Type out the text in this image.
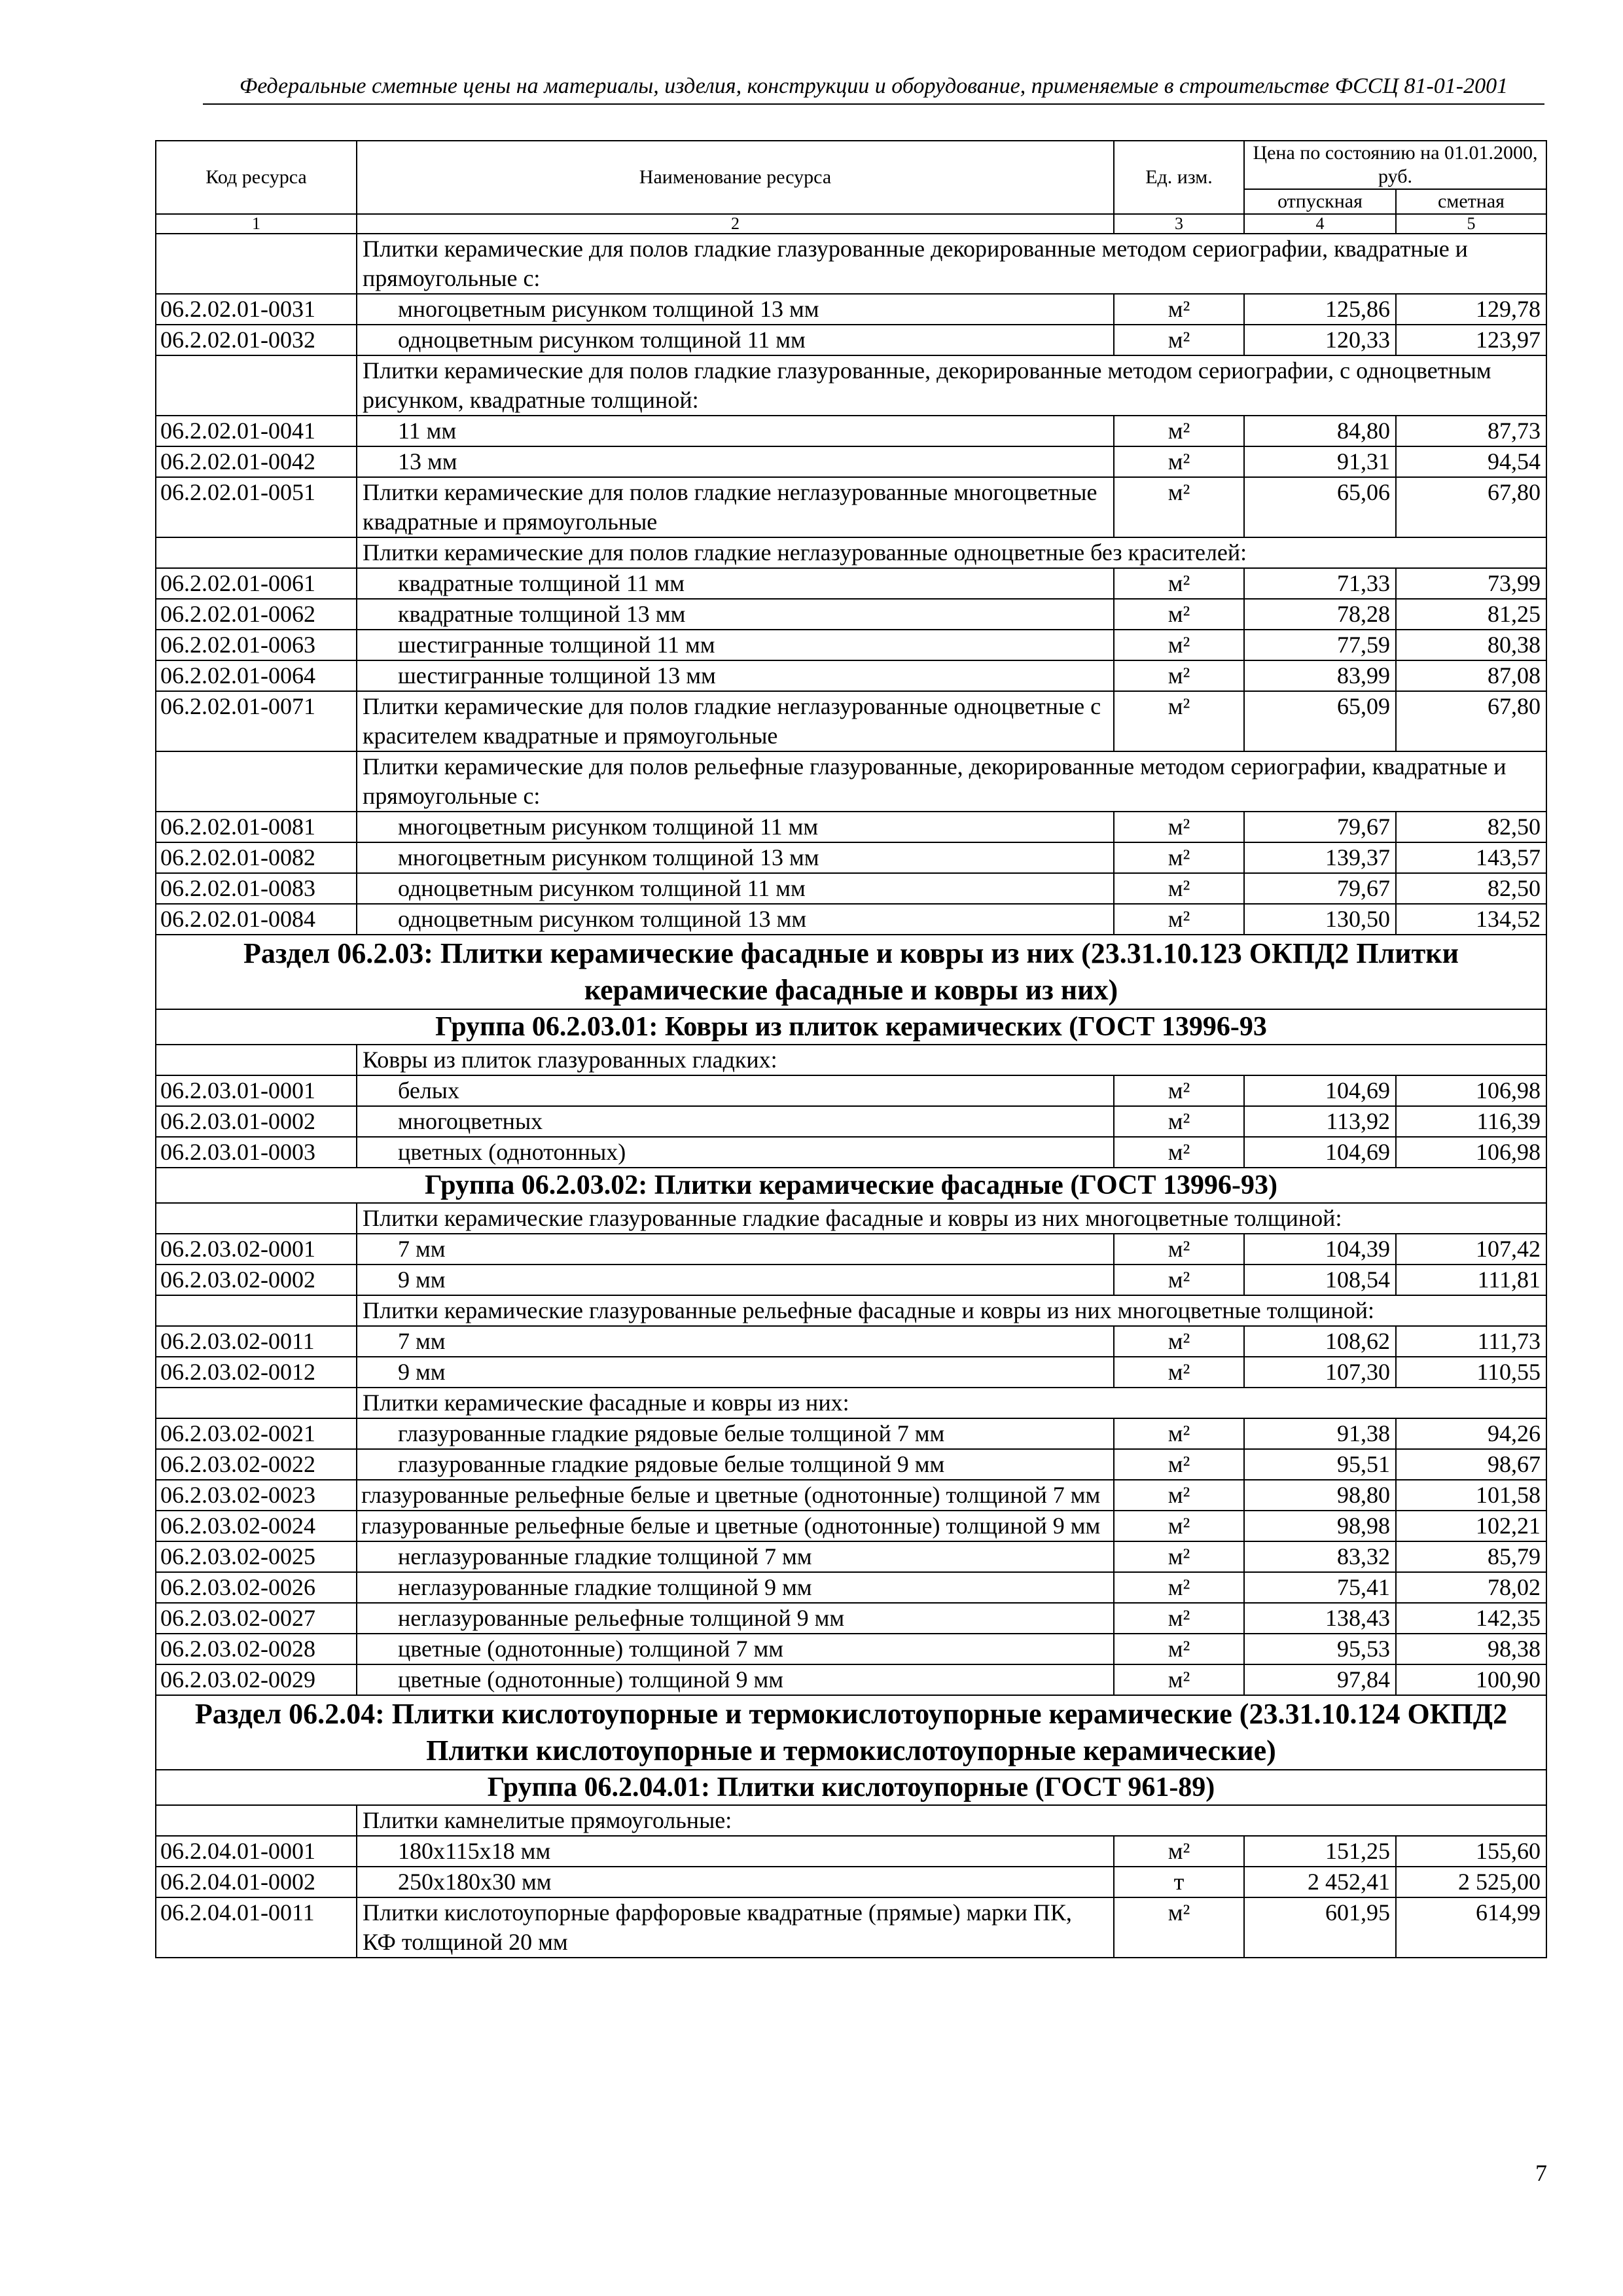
Федеральные сметные цены на материалы, изделия, конструкции и оборудование, применяемые в строительстве ФССЦ 81-01-2001
Код ресурса	Наименование ресурса	Ед. изм.	Цена по состоянию на 01.01.2000, руб.	
			отпускная	сметная
1	2	3	4	5
	Плитки керамические для полов гладкие глазурованные декорированные методом сериографии, квадратные и прямоугольные с:			
06.2.02.01-0031	многоцветным рисунком толщиной 13 мм	м²	125,86	129,78
06.2.02.01-0032	одноцветным рисунком толщиной 11 мм	м²	120,33	123,97
	Плитки керамические для полов гладкие глазурованные, декорированные методом сериографии, с одноцветным рисунком, квадратные толщиной:			
06.2.02.01-0041	11 мм	м²	84,80	87,73
06.2.02.01-0042	13 мм	м²	91,31	94,54
06.2.02.01-0051	Плитки керамические для полов гладкие неглазурованные многоцветные квадратные и прямоугольные	м²	65,06	67,80
	Плитки керамические для полов гладкие неглазурованные одноцветные без красителей:			
06.2.02.01-0061	квадратные толщиной 11 мм	м²	71,33	73,99
06.2.02.01-0062	квадратные толщиной 13 мм	м²	78,28	81,25
06.2.02.01-0063	шестигранные толщиной 11 мм	м²	77,59	80,38
06.2.02.01-0064	шестигранные толщиной 13 мм	м²	83,99	87,08
06.2.02.01-0071	Плитки керамические для полов гладкие неглазурованные одноцветные с красителем квадратные и прямоугольные	м²	65,09	67,80
	Плитки керамические для полов рельефные глазурованные, декорированные методом сериографии, квадратные и прямоугольные с:			
06.2.02.01-0081	многоцветным рисунком толщиной 11 мм	м²	79,67	82,50
06.2.02.01-0082	многоцветным рисунком толщиной 13 мм	м²	139,37	143,57
06.2.02.01-0083	одноцветным рисунком толщиной 11 мм	м²	79,67	82,50
06.2.02.01-0084	одноцветным рисунком толщиной 13 мм	м²	130,50	134,52
Раздел 06.2.03: Плитки керамические фасадные и ковры из них (23.31.10.123 ОКПД2 Плитки керамические фасадные и ковры из них)				
Группа 06.2.03.01: Ковры из плиток керамических (ГОСТ 13996-93				
	Ковры из плиток глазурованных гладких:			
06.2.03.01-0001	белых	м²	104,69	106,98
06.2.03.01-0002	многоцветных	м²	113,92	116,39
06.2.03.01-0003	цветных (однотонных)	м²	104,69	106,98
Группа 06.2.03.02: Плитки керамические фасадные (ГОСТ 13996-93)				
	Плитки керамические глазурованные гладкие фасадные и ковры из них многоцветные толщиной:			
06.2.03.02-0001	7 мм	м²	104,39	107,42
06.2.03.02-0002	9 мм	м²	108,54	111,81
	Плитки керамические глазурованные рельефные фасадные и ковры из них многоцветные толщиной:			
06.2.03.02-0011	7 мм	м²	108,62	111,73
06.2.03.02-0012	9 мм	м²	107,30	110,55
	Плитки керамические фасадные и ковры из них:			
06.2.03.02-0021	глазурованные гладкие рядовые белые толщиной 7 мм	м²	91,38	94,26
06.2.03.02-0022	глазурованные гладкие рядовые белые толщиной 9 мм	м²	95,51	98,67
06.2.03.02-0023	глазурованные рельефные белые и цветные (однотонные) толщиной 7 мм	м²	98,80	101,58
06.2.03.02-0024	глазурованные рельефные белые и цветные (однотонные) толщиной 9 мм	м²	98,98	102,21
06.2.03.02-0025	неглазурованные гладкие толщиной 7 мм	м²	83,32	85,79
06.2.03.02-0026	неглазурованные гладкие толщиной 9 мм	м²	75,41	78,02
06.2.03.02-0027	неглазурованные рельефные толщиной 9 мм	м²	138,43	142,35
06.2.03.02-0028	цветные (однотонные) толщиной 7 мм	м²	95,53	98,38
06.2.03.02-0029	цветные (однотонные) толщиной 9 мм	м²	97,84	100,90
Раздел 06.2.04: Плитки кислотоупорные и термокислотоупорные керамические (23.31.10.124 ОКПД2 Плитки кислотоупорные и термокислотоупорные керамические)				
Группа 06.2.04.01: Плитки кислотоупорные (ГОСТ 961-89)				
	Плитки камнелитые прямоугольные:			
06.2.04.01-0001	180x115x18 мм	м²	151,25	155,60
06.2.04.01-0002	250x180x30 мм	т	2 452,41	2 525,00
06.2.04.01-0011	Плитки кислотоупорные фарфоровые квадратные (прямые) марки ПК, КФ толщиной 20 мм	м²	601,95	614,99
7
